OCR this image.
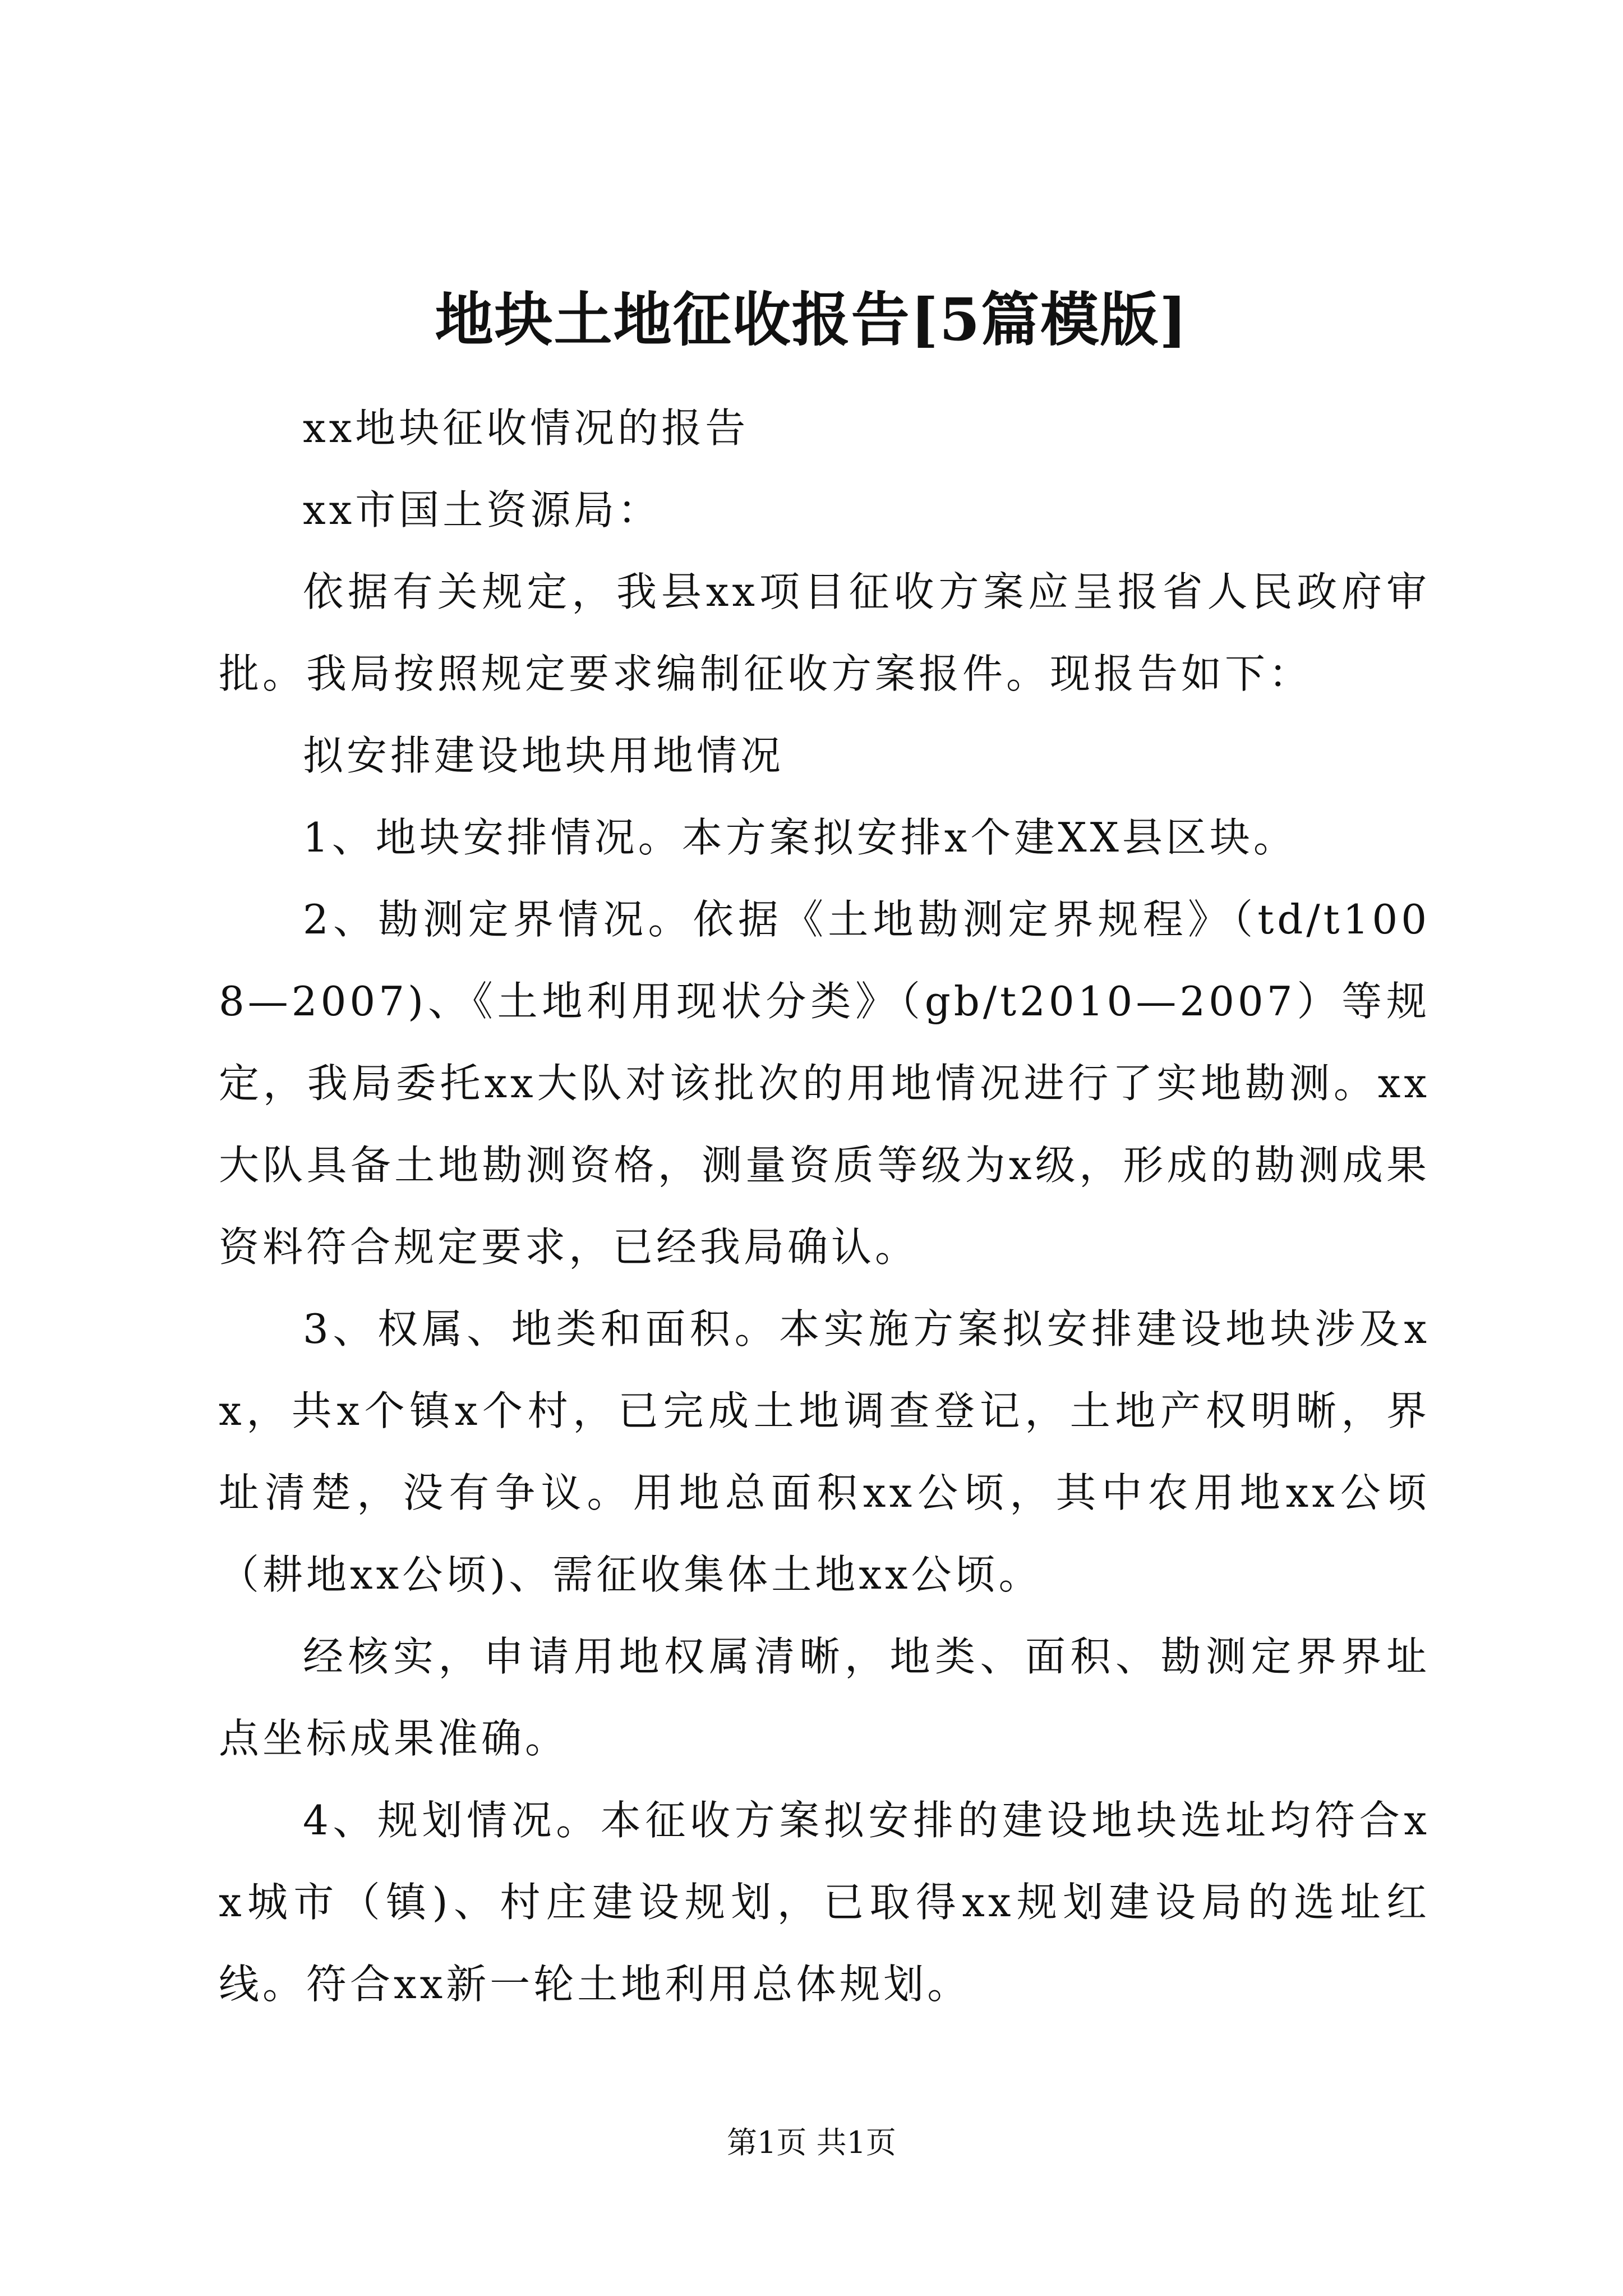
地块土地征收报告[5篇模版]

xx地块征收情况的报告

xx市国土资源局：

依据有关规定，我县xx项目征收方案应呈报省人民政府审批。我局按照规定要求编制征收方案报件。现报告如下：

拟安排建设地块用地情况

1、地块安排情况。本方案拟安排x个建XX县区块。

2、勘测定界情况。依据《土地勘测定界规程》（td/t1008—2007)、《土地利用现状分类》（gb/t2010—2007）等规定，我局委托xx大队对该批次的用地情况进行了实地勘测。xx大队具备土地勘测资格，测量资质等级为x级，形成的勘测成果资料符合规定要求，已经我局确认。

3、权属、地类和面积。本实施方案拟安排建设地块涉及xx，共x个镇x个村，已完成土地调查登记，土地产权明晰，界址清楚，没有争议。用地总面积xx公顷，其中农用地xx公顷（耕地xx公顷)、需征收集体土地xx公顷。

经核实，申请用地权属清晰，地类、面积、勘测定界界址点坐标成果准确。

4、规划情况。本征收方案拟安排的建设地块选址均符合xx城市（镇)、村庄建设规划，已取得xx规划建设局的选址红线。符合xx新一轮土地利用总体规划。

第1页 共1页
